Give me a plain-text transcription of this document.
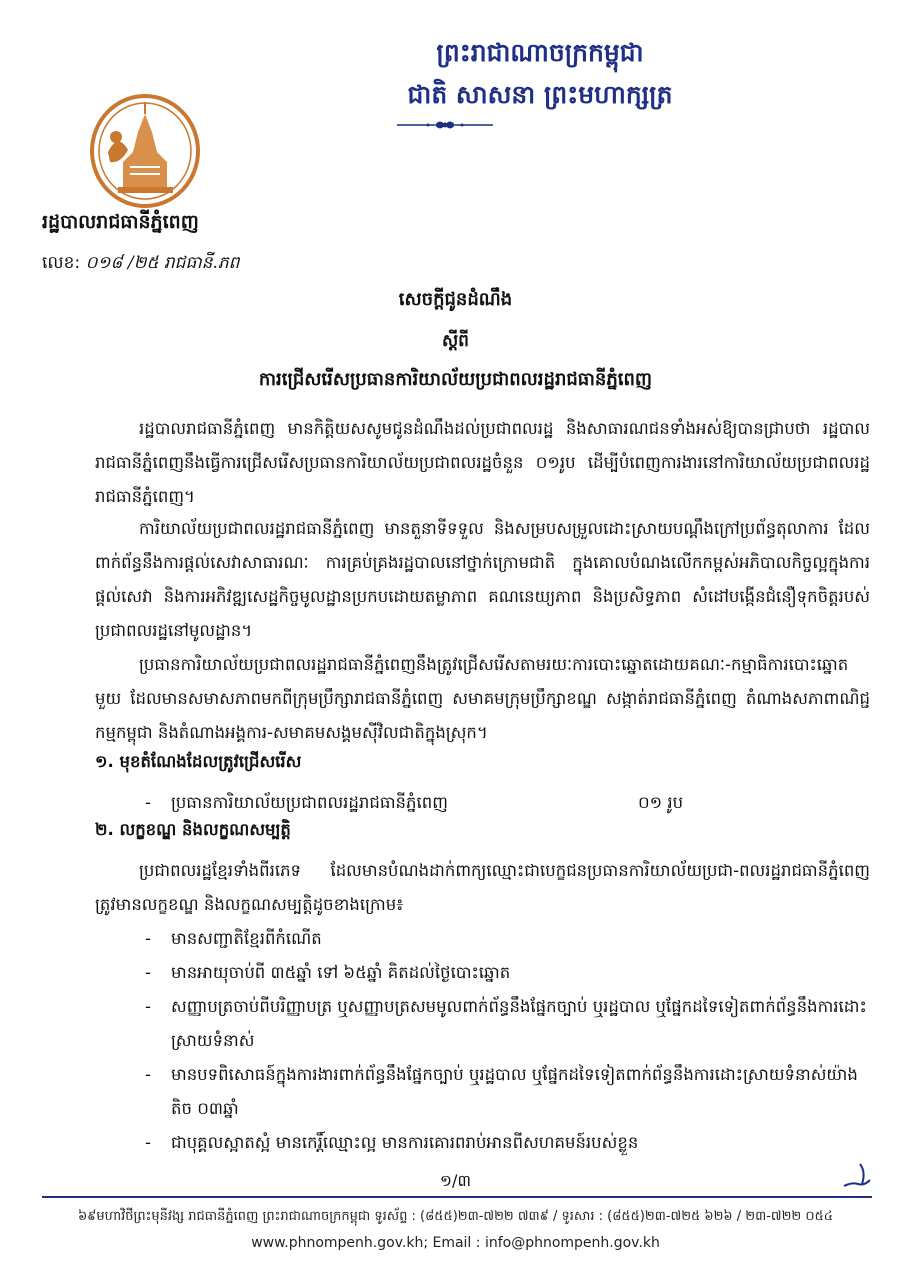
ព្រះរាជាណាចក្រកម្ពុជា
ជាតិ សាសនា ព្រះមហាក្សត្រ
រដ្ឋបាលរាជធានីភ្នំពេញ
លេខ: ០១៨ /២៥ រាជធានី.ភព
សេចក្តីជូនដំណឹង
ស្តីពី
ការជ្រើសរើសប្រធានការិយាល័យប្រជាពលរដ្ឋរាជធានីភ្នំពេញ
រដ្ឋបាលរាជធានីភ្នំពេញ មានកិត្តិយសសូមជូនដំណឹងដល់ប្រជាពលរដ្ឋ និងសាធារណជនទាំងអស់ឱ្យបានជ្រាបថា រដ្ឋបាលរាជធានីភ្នំពេញនឹងធ្វើការជ្រើសរើសប្រធានការិយាល័យប្រជាពលរដ្ឋចំនួន ០១រូប ដើម្បីបំពេញការងារនៅការិយាល័យប្រជាពលរដ្ឋរាជធានីភ្នំពេញ។
ការិយាល័យប្រជាពលរដ្ឋរាជធានីភ្នំពេញ មានតួនាទីទទួល និងសម្របសម្រួលដោះស្រាយបណ្តឹងក្រៅប្រព័ន្ធតុលាការ ដែលពាក់ព័ន្ធនឹងការផ្តល់សេវាសាធារណៈ ការគ្រប់គ្រងរដ្ឋបាលនៅថ្នាក់ក្រោមជាតិ ក្នុងគោលបំណងលើកកម្ពស់អភិបាលកិច្ចល្អក្នុងការផ្តល់សេវា និងការអភិវឌ្ឍសេដ្ឋកិច្ចមូលដ្ឋានប្រកបដោយតម្លាភាព គណនេយ្យភាព និងប្រសិទ្ធភាព សំដៅបង្កើនជំនឿទុកចិត្តរបស់ប្រជាពលរដ្ឋនៅមូលដ្ឋាន។
ប្រធានការិយាល័យប្រជាពលរដ្ឋរាជធានីភ្នំពេញនឹងត្រូវជ្រើសរើសតាមរយៈការបោះឆ្នោតដោយគណៈ-កម្មាធិការបោះឆ្នោតមួយ ដែលមានសមាសភាពមកពីក្រុមប្រឹក្សារាជធានីភ្នំពេញ សមាគមក្រុមប្រឹក្សាខណ្ឌ សង្កាត់រាជធានីភ្នំពេញ តំណាងសភាពាណិជ្ជកម្មកម្ពុជា និងតំណាងអង្គការ-សមាគមសង្គមស៊ីវិលជាតិក្នុងស្រុក។
១. មុខតំណែងដែលត្រូវជ្រើសរើស
- ប្រធានការិយាល័យប្រជាពលរដ្ឋរាជធានីភ្នំពេញ	០១ រូប
២. លក្ខខណ្ឌ និងលក្ខណសម្បត្តិ
ប្រជាពលរដ្ឋខ្មែរទាំងពីរភេទ ដែលមានបំណងដាក់ពាក្យឈ្មោះជាបេក្ខជនប្រធានការិយាល័យប្រជា-ពលរដ្ឋរាជធានីភ្នំពេញ ត្រូវមានលក្ខខណ្ឌ និងលក្ខណសម្បត្តិដូចខាងក្រោម៖
- មានសញ្ជាតិខ្មែរពីកំណើត
- មានអាយុចាប់ពី ៣៥ឆ្នាំ ទៅ ៦៥ឆ្នាំ គិតដល់ថ្ងៃបោះឆ្នោត
- សញ្ញាបត្រចាប់ពីបរិញ្ញាបត្រ ឬសញ្ញាបត្រសមមូលពាក់ព័ន្ធនឹងផ្នែកច្បាប់ ឬរដ្ឋបាល ឬផ្នែកដទៃទៀតពាក់ព័ន្ធនឹងការដោះស្រាយទំនាស់
- មានបទពិសោធន៍ក្នុងការងារពាក់ព័ន្ធនឹងផ្នែកច្បាប់ ឬរដ្ឋបាល ឬផ្នែកដទៃទៀតពាក់ព័ន្ធនឹងការដោះស្រាយទំនាស់យ៉ាងតិច ០៣ឆ្នាំ
- ជាបុគ្គលស្អាតស្អំ មានកេរ្តិ៍ឈ្មោះល្អ មានការគោរពរាប់អានពីសហគមន៍របស់ខ្លួន
១/៣
៦៩មហាវិថីព្រះមុនីវង្ស រាជធានីភ្នំពេញ ព្រះរាជាណាចក្រកម្ពុជា ទូរស័ព្ទ : (៨៥៥)២៣-៧២២ ៧៣៩ / ទូរសារ : (៨៥៥)២៣-៧២៥ ៦២៦ / ២៣-៧២២ ០៥៤
www.phnompenh.gov.kh; Email : info@phnompenh.gov.kh
